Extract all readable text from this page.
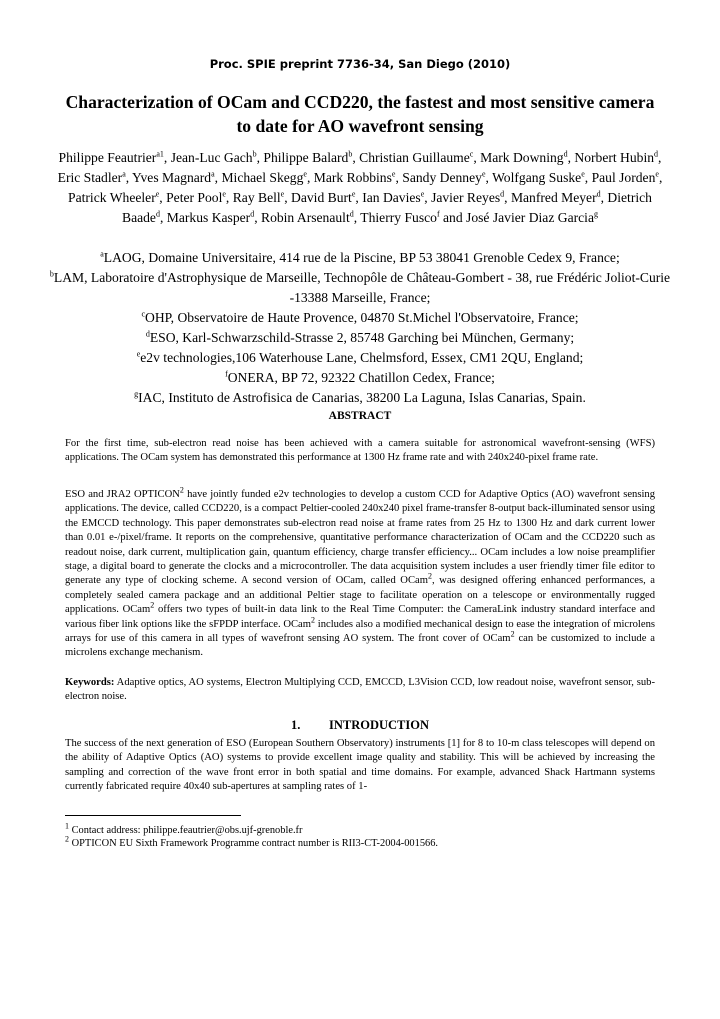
Proc. SPIE preprint 7736-34, San Diego (2010)
Characterization of OCam and CCD220, the fastest and most sensitive camera to date for AO wavefront sensing
Philippe Feautrier$^{a1}$, Jean-Luc Gach$^b$, Philippe Balard$^b$, Christian Guillaume$^c$, Mark Downing$^d$, Norbert Hubin$^d$, Eric Stadler$^a$, Yves Magnard$^a$, Michael Skegg$^e$, Mark Robbins$^e$, Sandy Denney$^e$, Wolfgang Suske$^e$, Paul Jorden$^e$, Patrick Wheeler$^e$, Peter Pool$^e$, Ray Bell$^e$, David Burt$^e$, Ian Davies$^e$, Javier Reyes$^d$, Manfred Meyer$^d$, Dietrich Baade$^d$, Markus Kasper$^d$, Robin Arsenault$^d$, Thierry Fusco$^f$ and José Javier Diaz Garcia$^g$
$^a$LAOG, Domaine Universitaire, 414 rue de la Piscine, BP 53 38041 Grenoble Cedex 9, France;
$^b$LAM, Laboratoire d'Astrophysique de Marseille, Technopôle de Château-Gombert - 38, rue Frédéric Joliot-Curie -13388 Marseille, France;
$^c$OHP, Observatoire de Haute Provence, 04870 St.Michel l'Observatoire, France;
$^d$ESO, Karl-Schwarzschild-Strasse 2, 85748 Garching bei München, Germany;
$^e$e2v technologies,106 Waterhouse Lane, Chelmsford, Essex, CM1 2QU, England;
$^f$ONERA, BP 72, 92322 Chatillon Cedex, France;
$^g$IAC, Instituto de Astrofisica de Canarias, 38200 La Laguna, Islas Canarias, Spain.
ABSTRACT
For the first time, sub-electron read noise has been achieved with a camera suitable for astronomical wavefront-sensing (WFS) applications. The OCam system has demonstrated this performance at 1300 Hz frame rate and with 240x240-pixel frame rate.
ESO and JRA2 OPTICON$^2$ have jointly funded e2v technologies to develop a custom CCD for Adaptive Optics (AO) wavefront sensing applications. The device, called CCD220, is a compact Peltier-cooled 240x240 pixel frame-transfer 8-output back-illuminated sensor using the EMCCD technology. This paper demonstrates sub-electron read noise at frame rates from 25 Hz to 1300 Hz and dark current lower than 0.01 e-/pixel/frame. It reports on the comprehensive, quantitative performance characterization of OCam and the CCD220 such as readout noise, dark current, multiplication gain, quantum efficiency, charge transfer efficiency... OCam includes a low noise preamplifier stage, a digital board to generate the clocks and a microcontroller. The data acquisition system includes a user friendly timer file editor to generate any type of clocking scheme. A second version of OCam, called OCam$^2$, was designed offering enhanced performances, a completely sealed camera package and an additional Peltier stage to facilitate operation on a telescope or environmentally rugged applications. OCam$^2$ offers two types of built-in data link to the Real Time Computer: the CameraLink industry standard interface and various fiber link options like the sFPDP interface. OCam$^2$ includes also a modified mechanical design to ease the integration of microlens arrays for use of this camera in all types of wavefront sensing AO system. The front cover of OCam$^2$ can be customized to include a microlens exchange mechanism.
Keywords: Adaptive optics, AO systems, Electron Multiplying CCD, EMCCD, L3Vision CCD, low readout noise, wavefront sensor, sub-electron noise.
1. INTRODUCTION
The success of the next generation of ESO (European Southern Observatory) instruments [1] for 8 to 10-m class telescopes will depend on the ability of Adaptive Optics (AO) systems to provide excellent image quality and stability. This will be achieved by increasing the sampling and correction of the wave front error in both spatial and time domains. For example, advanced Shack Hartmann systems currently fabricated require 40x40 sub-apertures at sampling rates of 1-
$^1$ Contact address: philippe.feautrier@obs.ujf-grenoble.fr
$^2$ OPTICON EU Sixth Framework Programme contract number is RII3-CT-2004-001566.
